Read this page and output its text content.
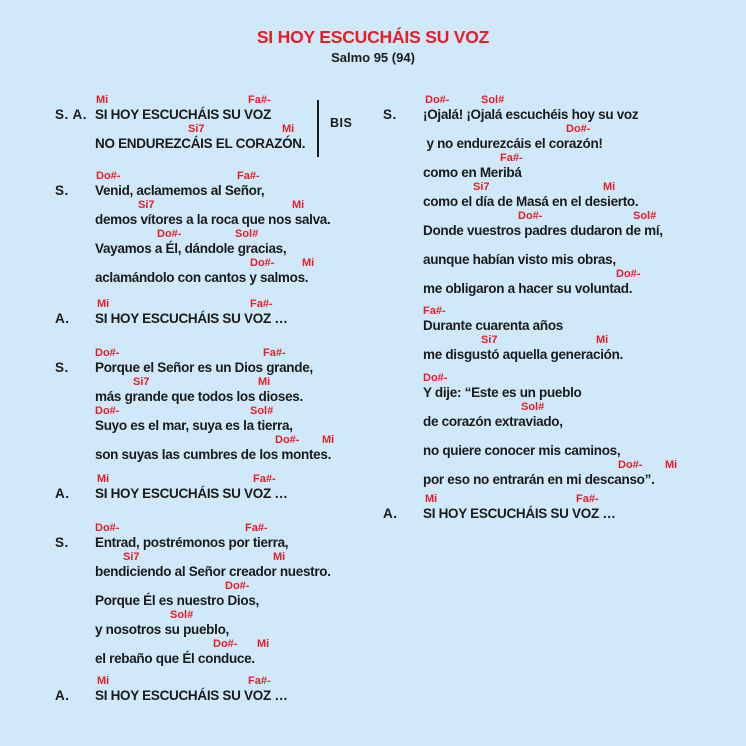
SI HOY ESCUCHÁIS SU VOZ
Salmo 95 (94)
BIS
S. A.
Mi	Fa#-
SI HOY ESCUCHÁIS SU VOZ
Si7	Mi
NO ENDUREZCÁIS EL CORAZÓN.
S.
Do#-	Fa#-
Venid, aclamemos al Señor,
Si7	Mi
demos vítores a la roca que nos salva.
Do#-	Sol#
Vayamos a Él, dándole gracias,
Do#-	Mi
aclamándolo con cantos y salmos.
A.
Mi	Fa#-
SI HOY ESCUCHÁIS SU VOZ …
S.
Do#-	Fa#-
Porque el Señor es un Dios grande,
Si7	Mi
más grande que todos los dioses.
Do#-	Sol#
Suyo es el mar, suya es la tierra,
Do#- Mi
son suyas las cumbres de los montes.
A.
Mi	Fa#-
SI HOY ESCUCHÁIS SU VOZ …
S.
Do#-	Fa#-
Entrad, postrémonos por tierra,
Si7	Mi
bendiciendo al Señor creador nuestro.
Do#-
Porque Él es nuestro Dios,
Sol#
y nosotros su pueblo,
Do#- Mi
el rebaño que Él conduce.
A.
Mi	Fa#-
SI HOY ESCUCHÁIS SU VOZ …
S.
Do#-	Sol#
¡Ojalá! ¡Ojalá escuchéis hoy su voz
Do#-
y no endurezcáis el corazón!
Fa#-
como en Meribá
Si7	Mi
como el día de Masá en el desierto.
Do#-	Sol#
Donde vuestros padres dudaron de mí,
aunque habían visto mis obras,
Do#-
me obligaron a hacer su voluntad.
Fa#-
Durante cuarenta años
Si7	Mi
me disgustó aquella generación.
Do#-
Y dije: “Este es un pueblo
Sol#
de corazón extraviado,
no quiere conocer mis caminos,
Do#- Mi
por eso no entrarán en mi descanso”.
A.
Mi	Fa#-
SI HOY ESCUCHÁIS SU VOZ …
